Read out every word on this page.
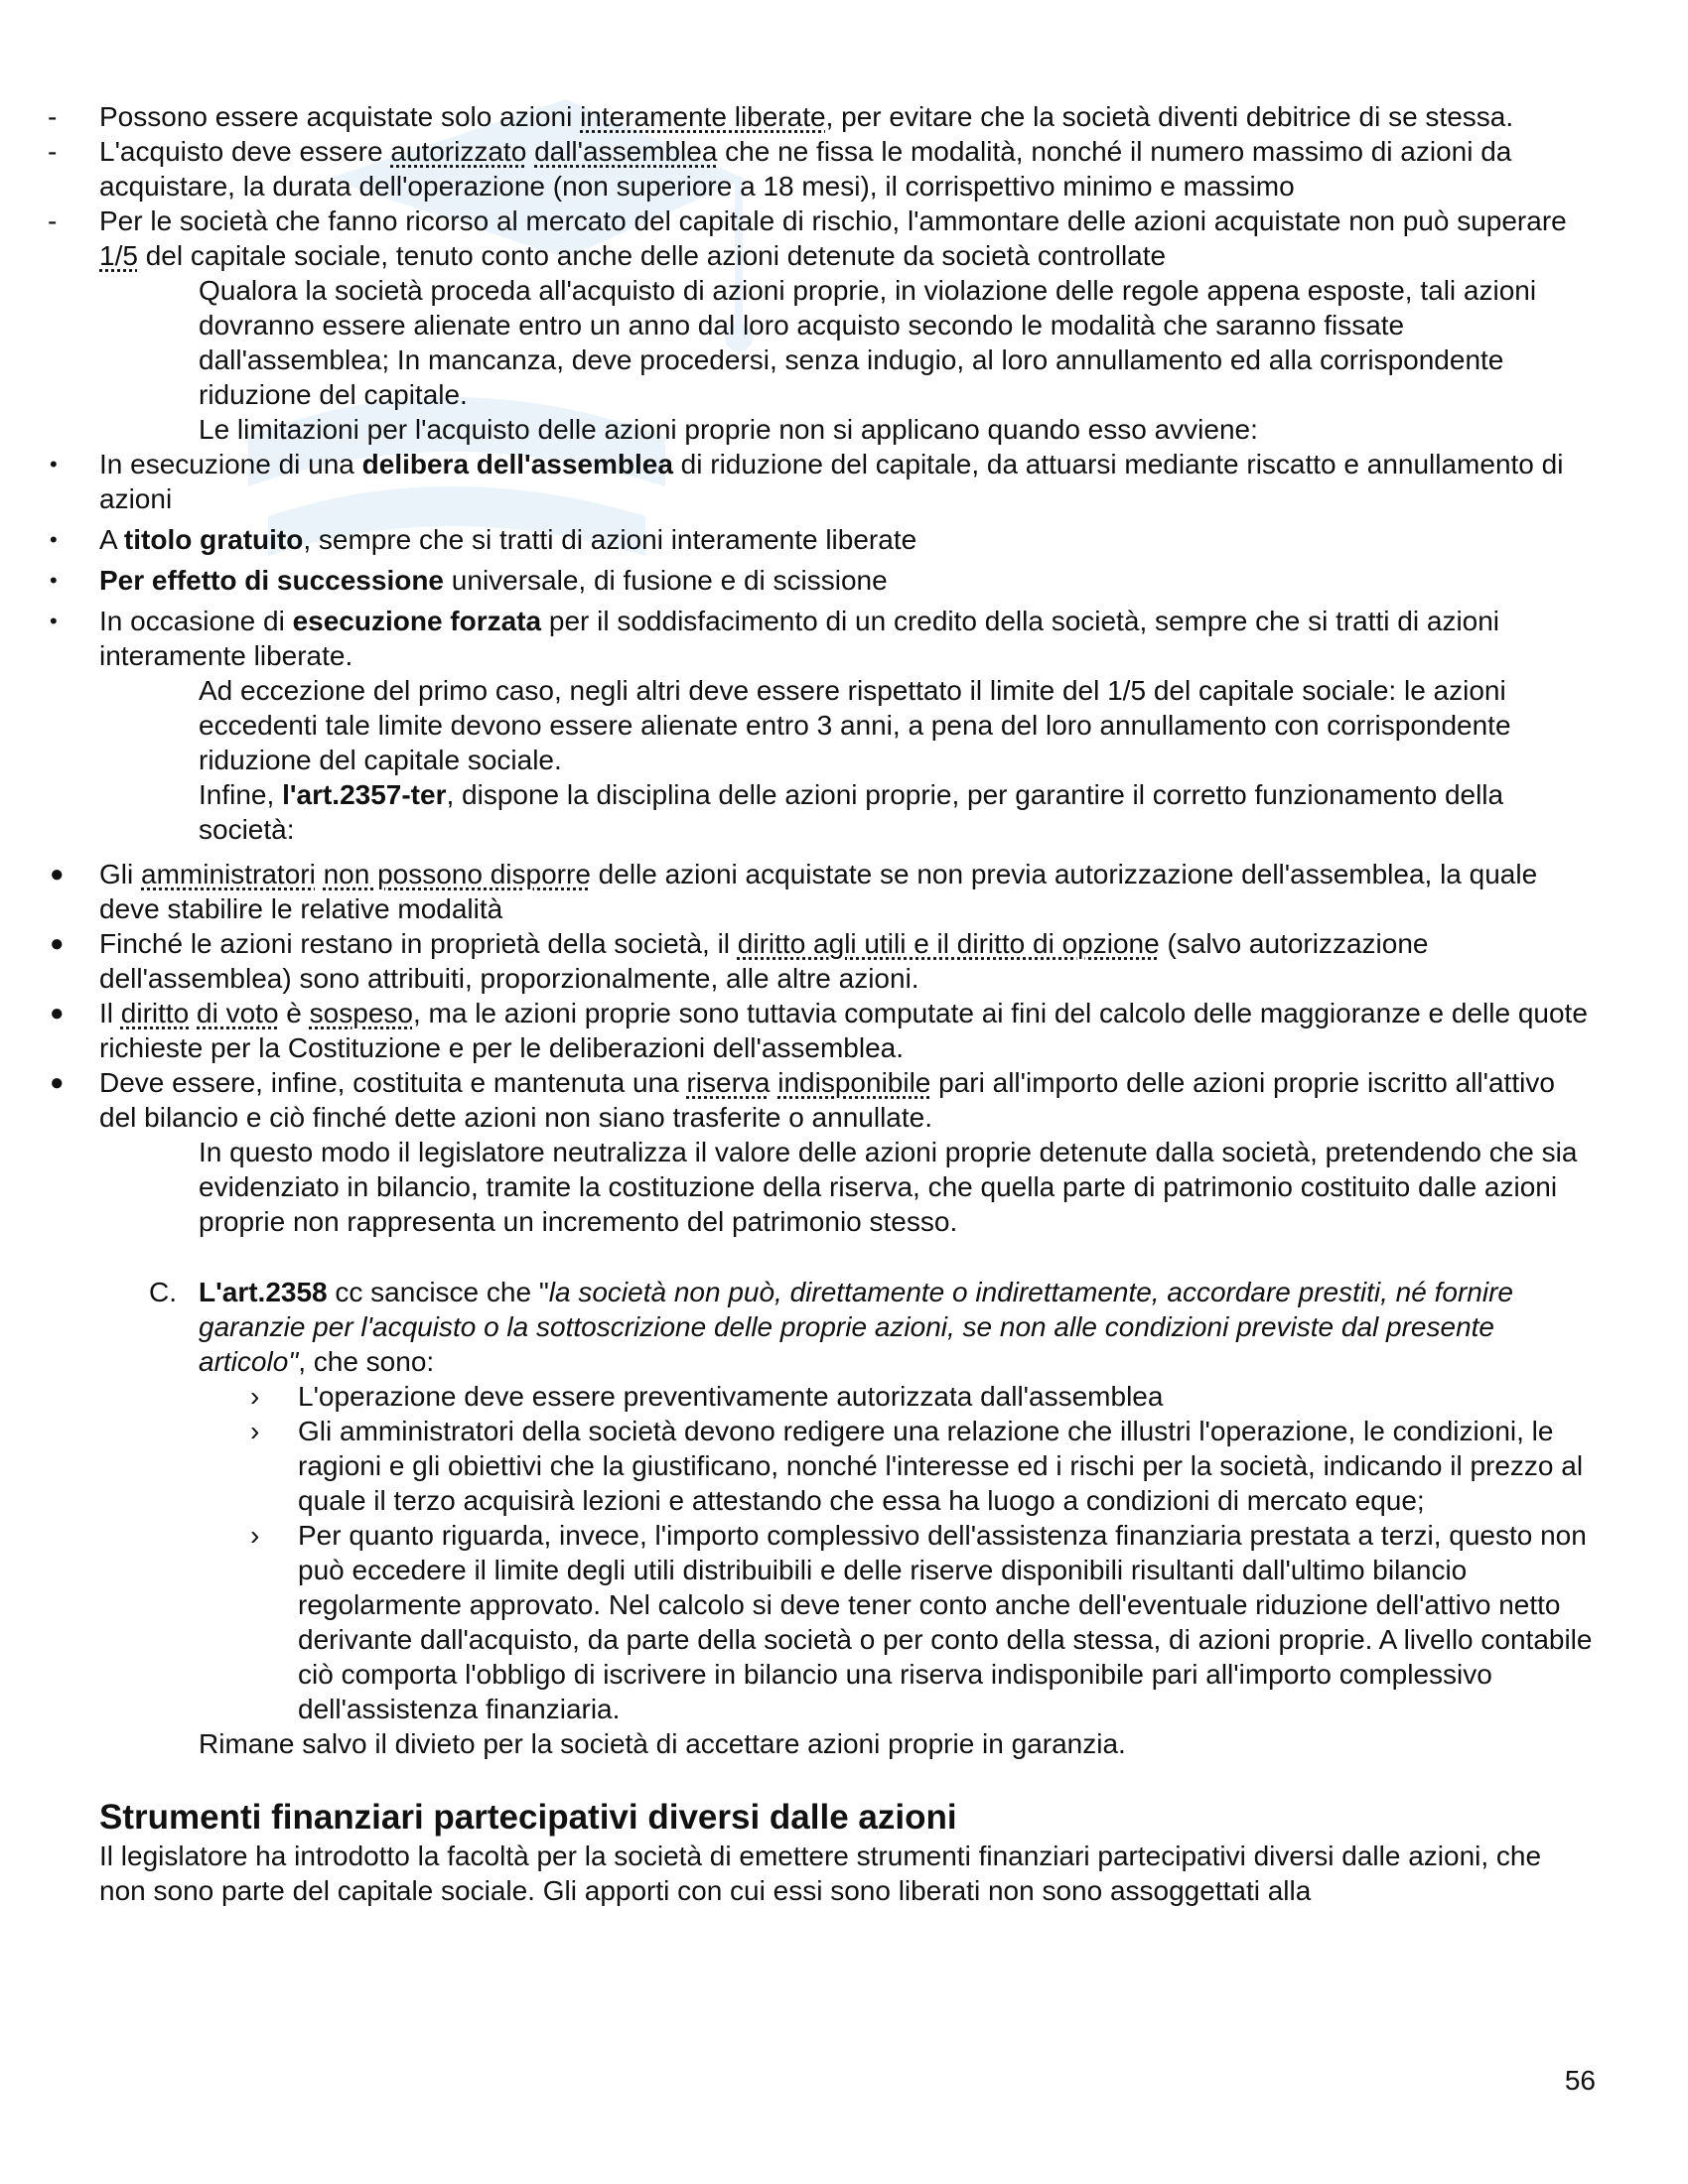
- Possono essere acquistate solo azioni interamente liberate, per evitare che la società diventi debitrice di se stessa.
- L'acquisto deve essere autorizzato dall'assemblea che ne fissa le modalità, nonché il numero massimo di azioni da acquistare, la durata dell'operazione (non superiore a 18 mesi), il corrispettivo minimo e massimo
- Per le società che fanno ricorso al mercato del capitale di rischio, l'ammontare delle azioni acquistate non può superare 1/5 del capitale sociale, tenuto conto anche delle azioni detenute da società controllate
Qualora la società proceda all'acquisto di azioni proprie, in violazione delle regole appena esposte, tali azioni dovranno essere alienate entro un anno dal loro acquisto secondo le modalità che saranno fissate dall'assemblea; In mancanza, deve procedersi, senza indugio, al loro annullamento ed alla corrispondente riduzione del capitale.
Le limitazioni per l'acquisto delle azioni proprie non si applicano quando esso avviene:
• In esecuzione di una delibera dell'assemblea di riduzione del capitale, da attuarsi mediante riscatto e annullamento di azioni
• A titolo gratuito, sempre che si tratti di azioni interamente liberate
• Per effetto di successione universale, di fusione e di scissione
• In occasione di esecuzione forzata per il soddisfacimento di un credito della società, sempre che si tratti di azioni interamente liberate.
Ad eccezione del primo caso, negli altri deve essere rispettato il limite del 1/5 del capitale sociale: le azioni eccedenti tale limite devono essere alienate entro 3 anni, a pena del loro annullamento con corrispondente riduzione del capitale sociale.
Infine, l'art.2357-ter, dispone la disciplina delle azioni proprie, per garantire il corretto funzionamento della società:
● Gli amministratori non possono disporre delle azioni acquistate se non previa autorizzazione dell'assemblea, la quale deve stabilire le relative modalità
● Finché le azioni restano in proprietà della società, il diritto agli utili e il diritto di opzione (salvo autorizzazione dell'assemblea) sono attribuiti, proporzionalmente, alle altre azioni.
● Il diritto di voto è sospeso, ma le azioni proprie sono tuttavia computate ai fini del calcolo delle maggioranze e delle quote richieste per la Costituzione e per le deliberazioni dell'assemblea.
● Deve essere, infine, costituita e mantenuta una riserva indisponibile pari all'importo delle azioni proprie iscritto all'attivo del bilancio e ciò finché dette azioni non siano trasferite o annullate.
In questo modo il legislatore neutralizza il valore delle azioni proprie detenute dalla società, pretendendo che sia evidenziato in bilancio, tramite la costituzione della riserva, che quella parte di patrimonio costituito dalle azioni proprie non rappresenta un incremento del patrimonio stesso.
C. L'art.2358 cc sancisce che "la società non può, direttamente o indirettamente, accordare prestiti, né fornire garanzie per l'acquisto o la sottoscrizione delle proprie azioni, se non alle condizioni previste dal presente articolo", che sono:
› L'operazione deve essere preventivamente autorizzata dall'assemblea
› Gli amministratori della società devono redigere una relazione che illustri l'operazione, le condizioni, le ragioni e gli obiettivi che la giustificano, nonché l'interesse ed i rischi per la società, indicando il prezzo al quale il terzo acquisirà lezioni e attestando che essa ha luogo a condizioni di mercato eque;
› Per quanto riguarda, invece, l'importo complessivo dell'assistenza finanziaria prestata a terzi, questo non può eccedere il limite degli utili distribuibili e delle riserve disponibili risultanti dall'ultimo bilancio regolarmente approvato. Nel calcolo si deve tener conto anche dell'eventuale riduzione dell'attivo netto derivante dall'acquisto, da parte della società o per conto della stessa, di azioni proprie. A livello contabile ciò comporta l'obbligo di iscrivere in bilancio una riserva indisponibile pari all'importo complessivo dell'assistenza finanziaria.
Rimane salvo il divieto per la società di accettare azioni proprie in garanzia.
Strumenti finanziari partecipativi diversi dalle azioni
Il legislatore ha introdotto la facoltà per la società di emettere strumenti finanziari partecipativi diversi dalle azioni, che non sono parte del capitale sociale. Gli apporti con cui essi sono liberati non sono assoggettati alla
56
